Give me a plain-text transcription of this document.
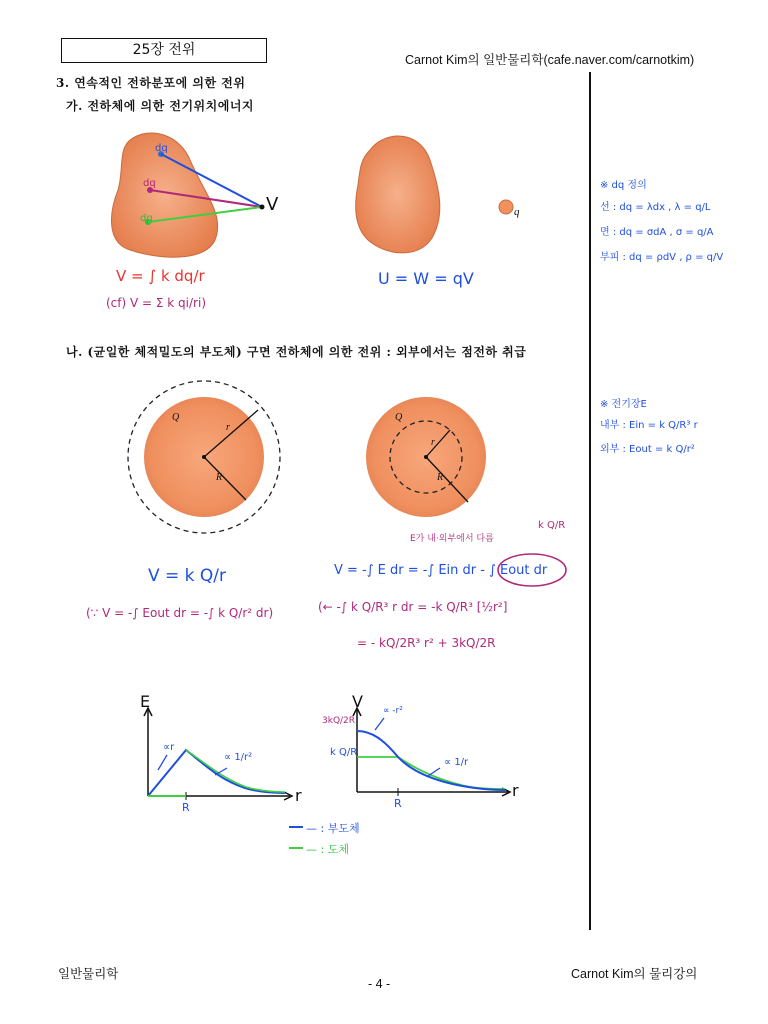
25장 전위
Carnot Kim의 일반물리학(cafe.naver.com/carnotkim)
3. 연속적인 전하분포에 의한 전위
가. 전하체에 의한 전기위치에너지
나. (균일한 체적밀도의 부도체) 구면 전하체에 의한 전위 : 외부에서는 점전하 취급
dq
dq
dq
V
V = ∫ k dq/r
(cf) V = Σ k qi/ri)
q
U = W = qV
※ dq 정의
선 : dq = λdx , λ = q/L
면 : dq = σdA , σ = q/A
부피 : dq = ρdV , ρ = q/V
※ 전기장E
내부 : Ein = k Q/R³ r
외부 : Eout = k Q/r²
Q
r
R
Q
r
R
V = k Q/r
(∵ V = -∫ Eout dr = -∫ k Q/r² dr)
E가 내·외부에서 다름
k Q/R
V = -∫ E dr = -∫ Ein dr - ∫ Eout dr
(← -∫ k Q/R³ r dr = -k Q/R³ [½r²]
= - kQ/2R³ r² + 3kQ/2R
E
r
R
∝r
∝ 1/r²
V
r
R
3kQ/2R
k Q/R
∝ -r²
∝ 1/r
— : 부도체
— : 도체
일반물리학
- 4 -
Carnot Kim의 물리강의
